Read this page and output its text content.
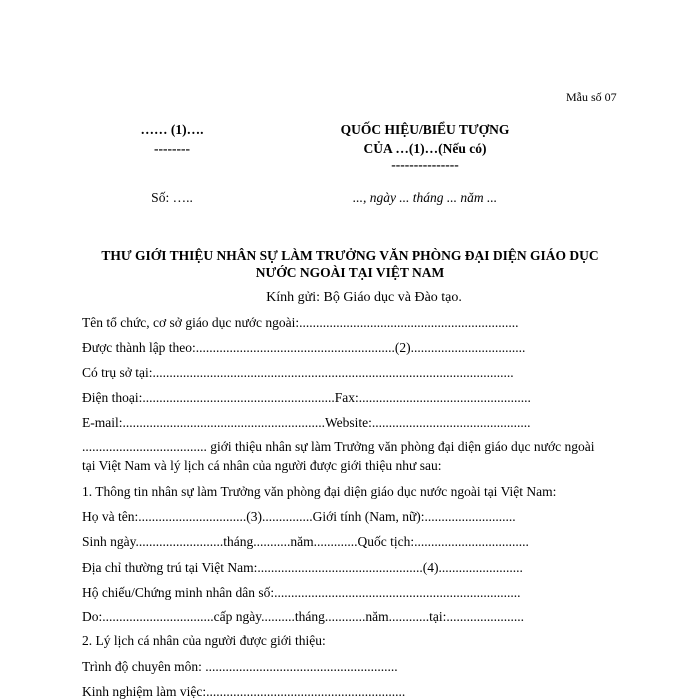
Mẫu số 07
…… (1)….
--------
QUỐC HIỆU/BIỂU TƯỢNG
CỦA …(1)…(Nếu có)
---------------
Số: …..	..., ngày ... tháng ... năm ...
THƯ GIỚI THIỆU NHÂN SỰ LÀM TRƯỞNG VĂN PHÒNG ĐẠI DIỆN GIÁO DỤC
NƯỚC NGOÀI TẠI VIỆT NAM
Kính gửi: Bộ Giáo dục và Đào tạo.
Tên tổ chức, cơ sở giáo dục nước ngoài:.................................................................
Được thành lập theo:...........................................................(2)..................................
Có trụ sở tại:...........................................................................................................
Điện thoại:.........................................................Fax:...................................................
E-mail:............................................................Website:...............................................
..................................... giới thiệu nhân sự làm Trưởng văn phòng đại diện giáo dục nước ngoài
tại Việt Nam và lý lịch cá nhân của người được giới thiệu như sau:
1. Thông tin nhân sự làm Trưởng văn phòng đại diện giáo dục nước ngoài tại Việt Nam:
Họ và tên:................................(3)...............Giới tính (Nam, nữ):...........................
Sinh ngày..........................tháng...........năm.............Quốc tịch:..................................
Địa chỉ thường trú tại Việt Nam:.................................................(4).........................
Hộ chiếu/Chứng minh nhân dân số:.........................................................................
Do:.................................cấp ngày..........tháng............năm............tại:.......................
2. Lý lịch cá nhân của người được giới thiệu:
Trình độ chuyên môn: .........................................................
Kinh nghiệm làm việc:...........................................................
